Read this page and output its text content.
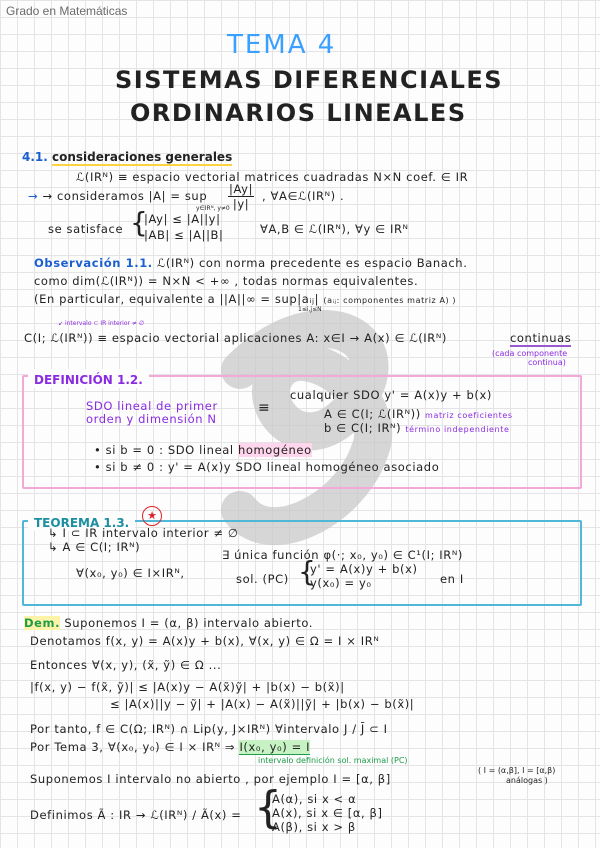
Grado en Matemáticas
TEMA 4
SISTEMAS DIFERENCIALES
ORDINARIOS LINEALES
4.1. consideraciones generales
ℒ(IRᴺ) ≡ espacio vectorial matrices cuadradas N×N coef. ∈ IR
→ → consideramos |A| = sup
y∈IRᴺ, y≠0
$\frac{|Ay|}{|y|}$ , ∀A∈ℒ(IRᴺ) .
se satisface {
|Ay| ≤ |A||y|
|AB| ≤ |A||B|	∀A,B ∈ ℒ(IRᴺ), ∀y ∈ IRᴺ
Observación 1.1. ℒ(IRᴺ) con norma precedente es espacio Banach.
como dim(ℒ(IRᴺ)) = N×N < +∞ , todas normas equivalentes.
(En particular, equivalente a ||A||∞ = sup|aᵢⱼ| (aᵢⱼ: componentes matriz A) )
1≤i,j≤N
↙ intervalo ⊂ IR interior ≠ ∅
C(I; ℒ(IRᴺ)) ≡ espacio vectorial aplicaciones A: x∈I → A(x) ∈ ℒ(IRᴺ)	continuas
(cada componente
continua)
DEFINICIÓN 1.2.
SDO lineal de primer
orden y dimensión N
≡
cualquier SDO y' = A(x)y + b(x)
A ∈ C(I; ℒ(IRᴺ)) matriz coeficientes
b ∈ C(I; IRᴺ) término independiente
• si b = 0 : SDO lineal homogéneo
• si b ≠ 0 : y' = A(x)y SDO lineal homogéneo asociado
TEOREMA 1.3.
★
↳ I ⊂ IR intervalo interior ≠ ∅
↳ A ∈ C(I; IRᴺ)
∃ única función φ(·; x₀, y₀) ∈ C¹(I; IRᴺ)
∀(x₀, y₀) ∈ I×IRᴺ,	sol. (PC) {
y' = A(x)y + b(x)
y(x₀) = y₀	en I
Dem. Suponemos I = (α, β) intervalo abierto.
Denotamos f(x, y) = A(x)y + b(x), ∀(x, y) ∈ Ω = I × IRᴺ
Entonces ∀(x, y), (x̃, ỹ) ∈ Ω ...
|f(x, y) − f(x̃, ỹ)| ≤ |A(x)y − A(x̃)ỹ| + |b(x) − b(x̃)|
≤ |A(x)||y − ỹ| + |A(x) − A(x̃)||ỹ| + |b(x) − b(x̃)|
Por tanto, f ∈ C(Ω; IRᴺ) ∩ Lip(y, J×IRᴺ) ∀intervalo J / J̄ ⊂ I
Por Tema 3, ∀(x₀, y₀) ∈ I × IRᴺ ⇒ I(x₀, y₀) = I
intervalo definición sol. maximal (PC)
Suponemos I intervalo no abierto , por ejemplo I = [α, β]
( I = (α,β], I = [α,β)
análogas )
Definimos Ã : IR → ℒ(IRᴺ) / Ã(x) = {
A(α), si x < α
A(x), si x ∈ [α, β]
A(β), si x > β
